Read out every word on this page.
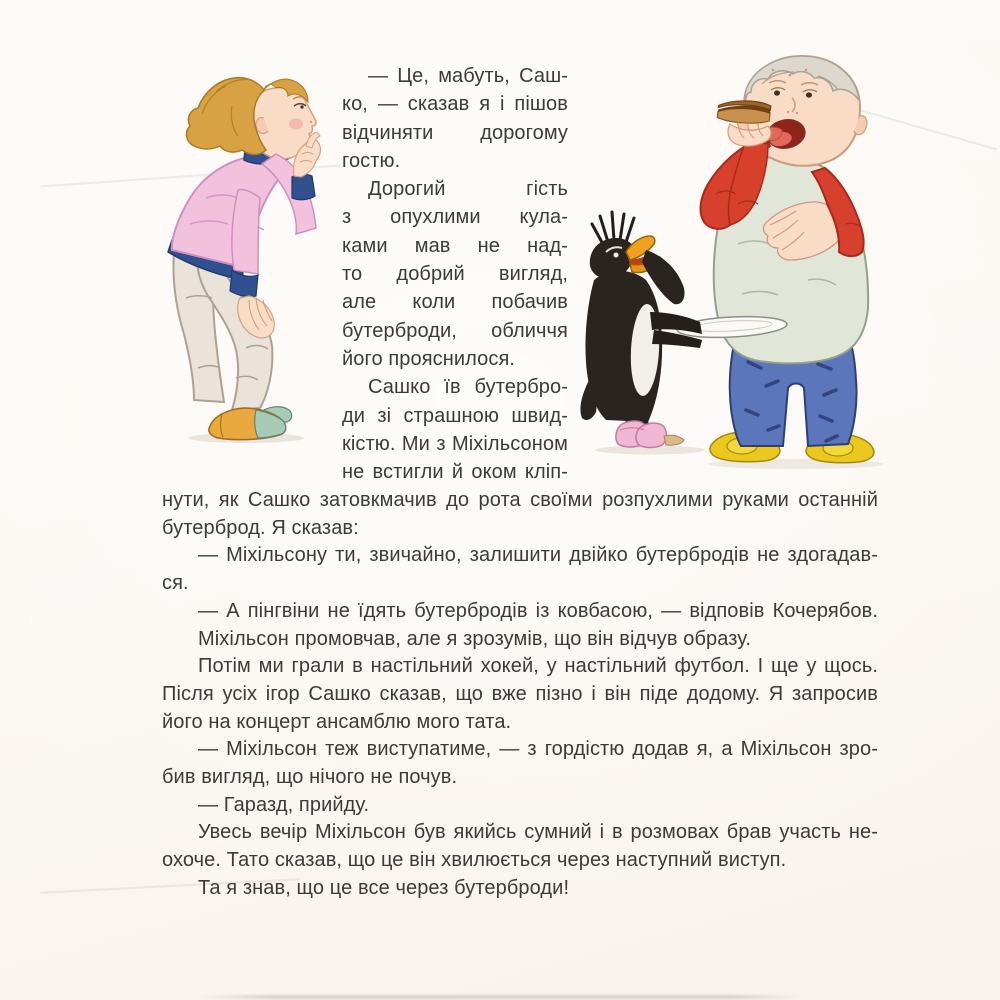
— Це, мабуть, Саш-
ко, — сказав я і пішов
відчиняти дорогому
гостю.
Дорогий гість
з опухлими кула-
ками мав не над-
то добрий вигляд,
але коли побачив
бутерброди, обличчя
його прояснилося.
Сашко їв бутербро-
ди зі страшною швид-
кістю. Ми з Міхільсоном
не встигли й оком кліп-
нути, як Сашко затовкмачив до рота своїми розпухлими руками останній
бутерброд. Я сказав:
— Міхільсону ти, звичайно, залишити двійко бутербродів не здогадав-
ся.
— А пінгвіни не їдять бутербродів із ковбасою, — відповів Кочерябов.
Міхільсон промовчав, але я зрозумів, що він відчув образу.
Потім ми грали в настільний хокей, у настільний футбол. І ще у щось.
Після усіх ігор Сашко сказав, що вже пізно і він піде додому. Я запросив
його на концерт ансамблю мого тата.
— Міхільсон теж виступатиме, — з гордістю додав я, а Міхільсон зро-
бив вигляд, що нічого не почув.
— Гаразд, прийду.
Увесь вечір Міхільсон був якийсь сумний і в розмовах брав участь не-
охоче. Тато сказав, що це він хвилюється через наступний виступ.
Та я знав, що це все через бутерброди!
